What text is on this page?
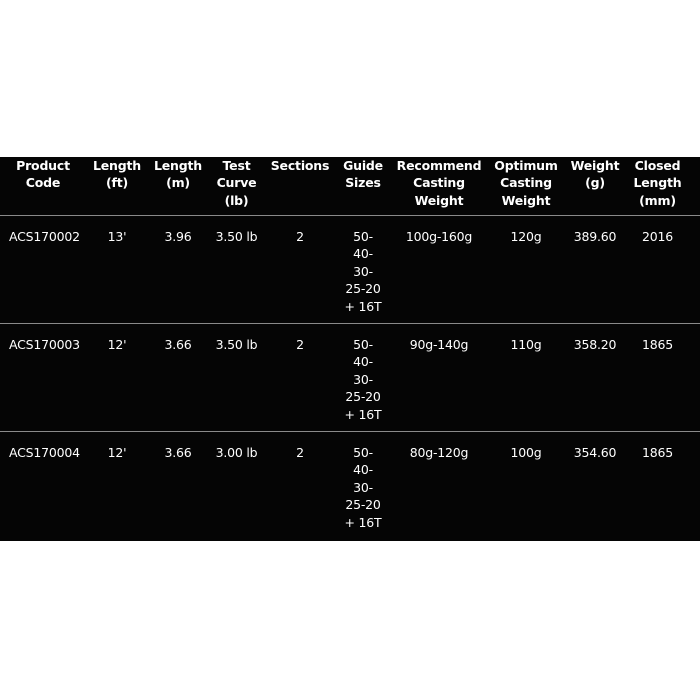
Product Code	Length (ft)	Length (m)	Test Curve (lb)	Sections	Guide Sizes	Recommend Casting Weight	Optimum Casting Weight	Weight (g)	Closed Length (mm)	
ACS170002	13'	3.96	3.50 lb	2	50-40-30-25-20 + 16T	100g-160g	120g	389.60	2016	
ACS170003	12'	3.66	3.50 lb	2	50-40-30-25-20 + 16T	90g-140g	110g	358.20	1865	
ACS170004	12'	3.66	3.00 lb	2	50-40-30-25-20 + 16T	80g-120g	100g	354.60	1865	
